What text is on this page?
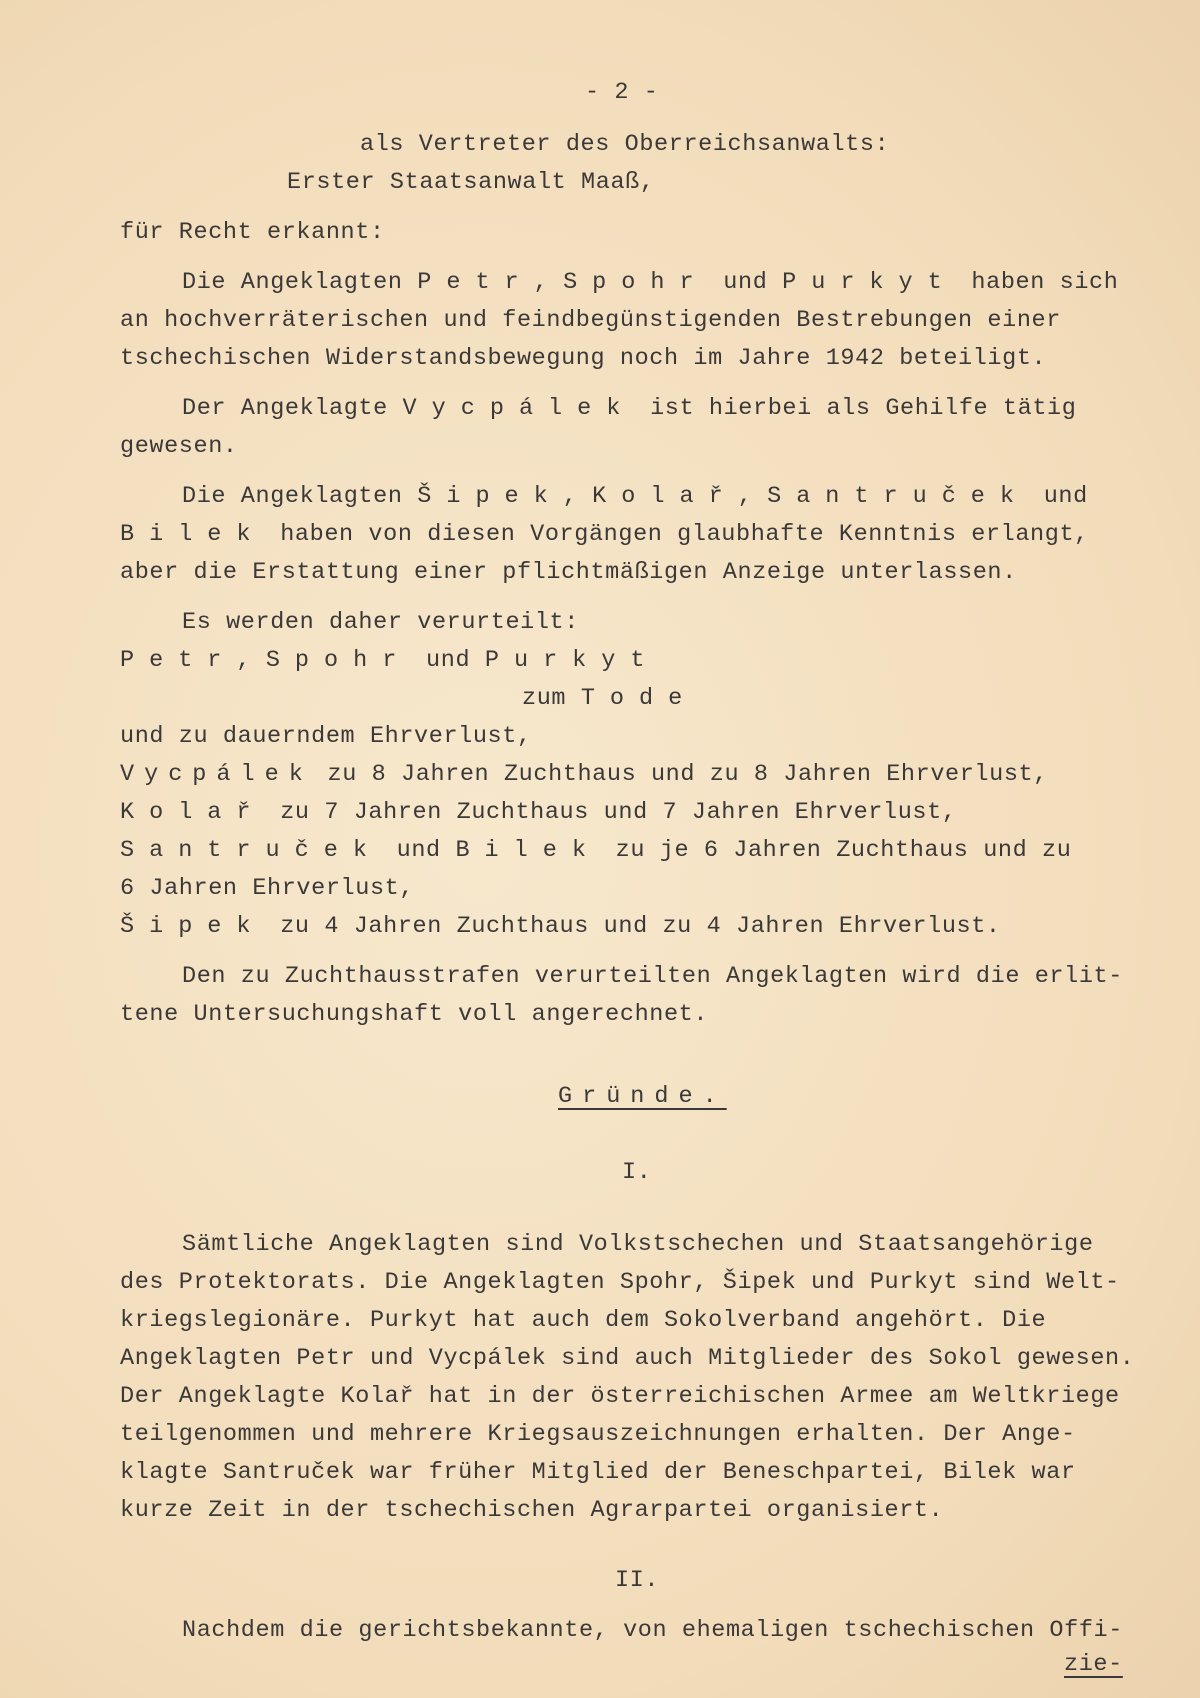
- 2 -
als Vertreter des Oberreichsanwalts:
Erster Staatsanwalt Maaß,
für Recht erkannt:
Die Angeklagten Petr, Spohr und Purkyt haben sich
an hochverräterischen und feindbegünstigenden Bestrebungen einer
tschechischen Widerstandsbewegung noch im Jahre 1942 beteiligt.
Der Angeklagte Vycpálek ist hierbei als Gehilfe tätig
gewesen.
Die Angeklagten Šipek, Kolař, Santruček und
Bilek haben von diesen Vorgängen glaubhafte Kenntnis erlangt,
aber die Erstattung einer pflichtmäßigen Anzeige unterlassen.
Es werden daher verurteilt:
Petr, Spohr und Purkyt
zum Tode
und zu dauerndem Ehrverlust,
Vycpálek zu 8 Jahren Zuchthaus und zu 8 Jahren Ehrverlust,
Kolař zu 7 Jahren Zuchthaus und 7 Jahren Ehrverlust,
Santruček und Bilek zu je 6 Jahren Zuchthaus und zu
6 Jahren Ehrverlust,
Šipek zu 4 Jahren Zuchthaus und zu 4 Jahren Ehrverlust.
Den zu Zuchthausstrafen verurteilten Angeklagten wird die erlit-
tene Untersuchungshaft voll angerechnet.
Gründe.
I.
Sämtliche Angeklagten sind Volkstschechen und Staatsangehörige
des Protektorats. Die Angeklagten Spohr, Šipek und Purkyt sind Welt-
kriegslegionäre. Purkyt hat auch dem Sokolverband angehört. Die
Angeklagten Petr und Vycpálek sind auch Mitglieder des Sokol gewesen.
Der Angeklagte Kolař hat in der österreichischen Armee am Weltkriege
teilgenommen und mehrere Kriegsauszeichnungen erhalten. Der Ange-
klagte Santruček war früher Mitglied der Beneschpartei, Bilek war
kurze Zeit in der tschechischen Agrarpartei organisiert.
II.
Nachdem die gerichtsbekannte, von ehemaligen tschechischen Offi-
zie-
